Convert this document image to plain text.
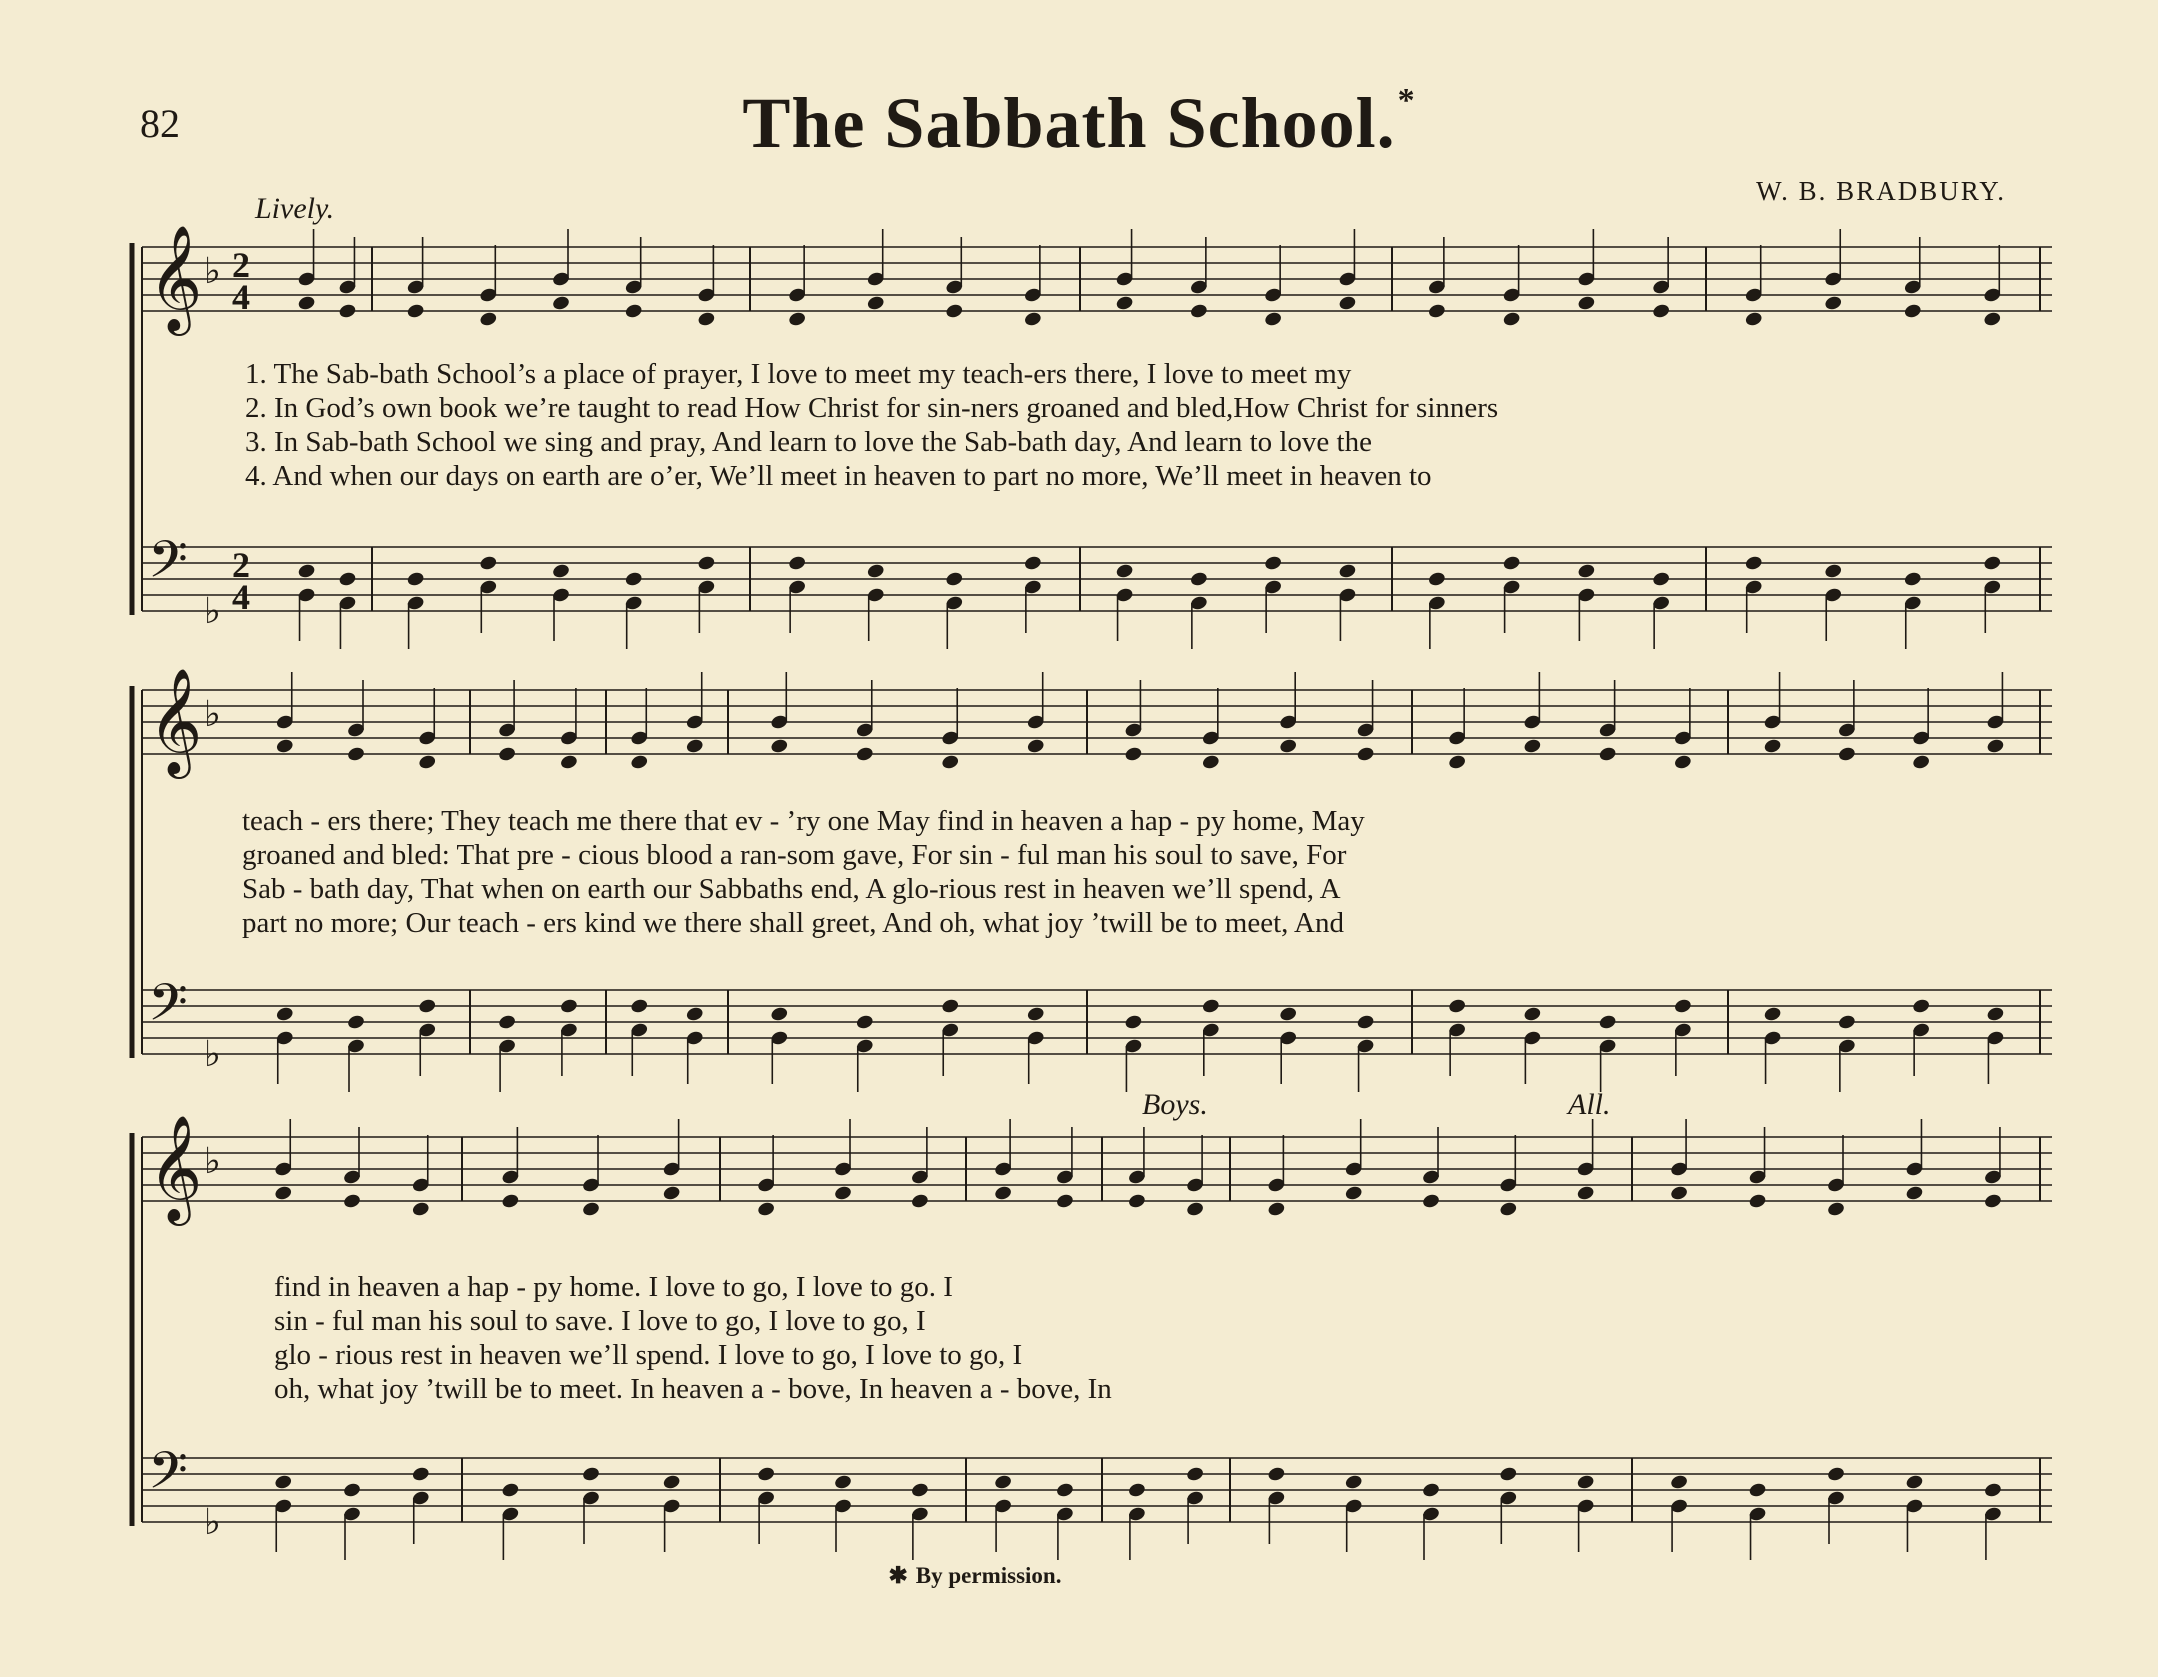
𝄞 ♭ 2
4
𝄢
♭
2
4
𝄞 ♭
𝄢
♭
𝄞 ♭
𝄢
♭
82	The Sabbath School.*
W. B. BRADBURY.
Lively.
Boys.	All.
1. The Sab-bath School’s a place of prayer, I love to meet my teach-ers there, I love to meet my
2. In God’s own book we’re taught to read How Christ for sin-ners groaned and bled,How Christ for sinners
3. In Sab-bath School we sing and pray, And learn to love the Sab-bath day, And learn to love the
4. And when our days on earth are o’er, We’ll meet in heaven to part no more, We’ll meet in heaven to
teach - ers there; They teach me there that ev - ’ry one May find in heaven a hap - py home, May
groaned and bled: That pre - cious blood a ran-som gave, For sin - ful man his soul to save, For
Sab - bath day, That when on earth our Sabbaths end, A glo-rious rest in heaven we’ll spend, A
part no more; Our teach - ers kind we there shall greet, And oh, what joy ’twill be to meet, And
find in heaven a hap - py home. I love to go, I love to go. I
sin - ful man his soul to save. I love to go, I love to go, I
glo - rious rest in heaven we’ll spend. I love to go, I love to go, I
oh, what joy ’twill be to meet. In heaven a - bove, In heaven a - bove, In
✱ By permission.
